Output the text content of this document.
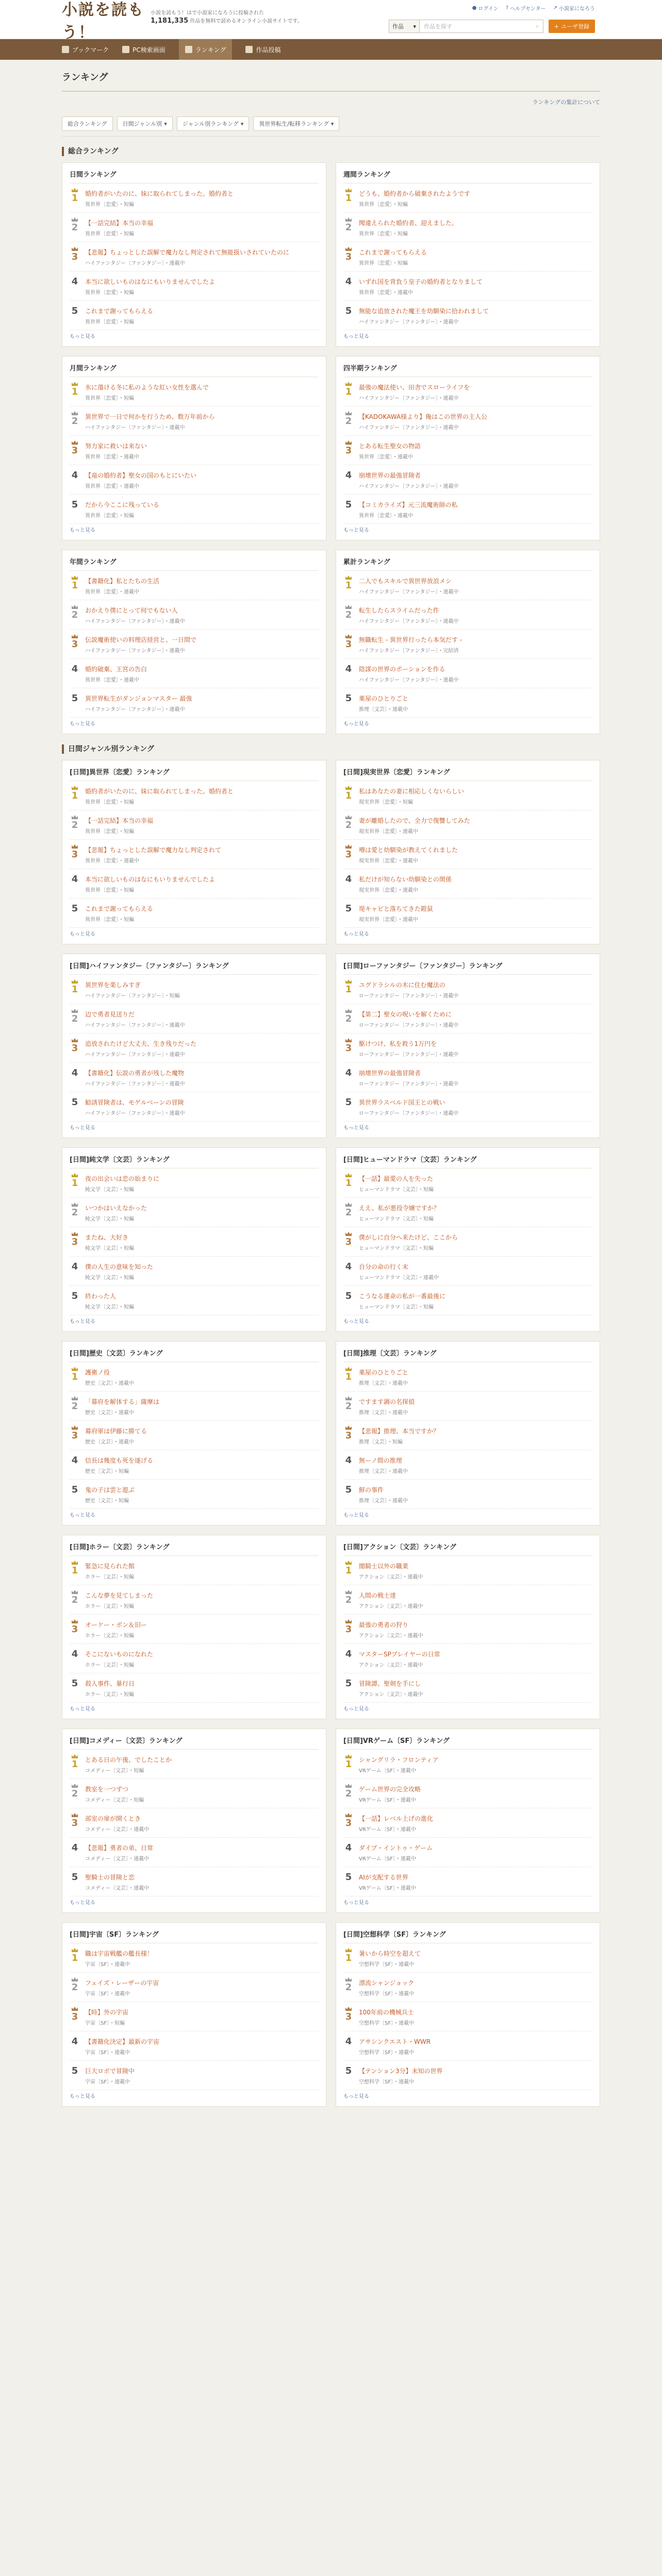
小説を読もう！
小説を読もう！はで小説家になろうに投稿された
1,181,335 作品を無料で読めるオンライン小説サイトです。
● ログイン ? ヘルプセンター ↗ 小説家になろう
作品 ▾ 作品を探す	⌕	+ ユーザ登録
ブックマーク	PC検索画面	ランキング	作品投稿
ランキング
ランキングの集計について
総合ランキング	日間ジャンル別 ▾	ジャンル別ランキング ▾	異世界転生/転移ランキング ▾
総合ランキング
日間ランキング
1	婚約者がいたのに、妹に取られてしまった。婚約者と
異世界〔恋愛〕・短編
2	【一話完結】本当の幸福
異世界〔恋愛〕・短編
3	【悲報】ちょっとした誤解で魔力なし判定されて無能扱いされていたのに
ハイファンタジー〔ファンタジー〕・連載中
4	本当に欲しいものはなにもいりませんでしたよ
異世界〔恋愛〕・短編
5	これまで謝ってもらえる
異世界〔恋愛〕・短編
もっと見る
週間ランキング
1	どうも、婚約者から破棄されたようです
異世界〔恋愛〕・短編
2	聞違えられた婚約者、迎えました。
異世界〔恋愛〕・短編
3	これまで謝ってもらえる
異世界〔恋愛〕・短編
4	いずれ国を背負う皇子の婚約者となりまして
異世界〔恋愛〕・連載中
5	無能な追放された魔王を幼馴染に拾われまして
ハイファンタジー〔ファンタジー〕・連載中
もっと見る
月間ランキング
1	氷に蕩ける冬に私のような紅い女性を選んで
異世界〔恋愛〕・短編
2	異世界で一日で何かを行うため、数万年前から
ハイファンタジー〔ファンタジー〕・連載中
3	努力家に救いは来ない
異世界〔恋愛〕・連載中
4	【竜の婚約者】聖女の国のもとにいたい
異世界〔恋愛〕・連載中
5	だから今ここに残っている
異世界〔恋愛〕・短編
もっと見る
四半期ランキング
1	最強の魔法使い、田舎でスローライフを
ハイファンタジー〔ファンタジー〕・連載中
2	【KADOKAWA様より】俺はこの世界の主人公
ハイファンタジー〔ファンタジー〕・連載中
3	とある転生聖女の物語
異世界〔恋愛〕・連載中
4	崩壊世界の最強冒険者
ハイファンタジー〔ファンタジー〕・連載中
5	【コミカライズ】元三流魔術師の私
異世界〔恋愛〕・連載中
もっと見る
年間ランキング
1	【書籍化】私とたちの生活
異世界〔恋愛〕・連載中
2	おかえり僕にとって何でもない人
ハイファンタジー〔ファンタジー〕・連載中
3	伝説魔術使いの料理店経営と、一日間で
ハイファンタジー〔ファンタジー〕・連載中
4	婚約破棄、王宮の告白
異世界〔恋愛〕・連載中
5	異世界転生がダンジョンマスター 最強
ハイファンタジー〔ファンタジー〕・連載中
もっと見る
累計ランキング
1	二人でもスキルで異世界放浪メシ
ハイファンタジー〔ファンタジー〕・連載中
2	転生したらスライムだった件
ハイファンタジー〔ファンタジー〕・連載中
3	無職転生 - 異世界行ったら本気だす -
ハイファンタジー〔ファンタジー〕・完結済
4	陰謀の世界のポーションを作る
ハイファンタジー〔ファンタジー〕・連載中
5	薬屋のひとりごと
推理〔文芸〕・連載中
もっと見る
日間ジャンル別ランキング
[日間]異世界〔恋愛〕ランキング
1	婚約者がいたのに、妹に取られてしまった。婚約者と
異世界〔恋愛〕・短編
2	【一話完結】本当の幸福
異世界〔恋愛〕・短編
3	【悲報】ちょっとした誤解で魔力なし判定されて
異世界〔恋愛〕・連載中
4	本当に欲しいものはなにもいりませんでしたよ
異世界〔恋愛〕・短編
5	これまで謝ってもらえる
異世界〔恋愛〕・短編
もっと見る
[日間]現実世界〔恋愛〕ランキング
1	私はあなたの妻に相応しくないらしい
現実世界〔恋愛〕・短編
2	妻が離婚したので、全力で復讐してみた
現実世界〔恋愛〕・連載中
3	噂は愛と幼馴染が教えてくれました
現実世界〔恋愛〕・連載中
4	私だけが知らない幼馴染との関係
現実世界〔恋愛〕・連載中
5	堤キャビと落ちてきた鎧鼠
現実世界〔恋愛〕・連載中
もっと見る
[日間]ハイファンタジー〔ファンタジー〕ランキング
1	異世界を楽しみすぎ
ハイファンタジー〔ファンタジー〕・短編
2	辺で勇者見送りだ
ハイファンタジー〔ファンタジー〕・連載中
3	追放されたけど大丈夫、生き残りだった
ハイファンタジー〔ファンタジー〕・連載中
4	【書籍化】伝説の勇者が残した魔物
ハイファンタジー〔ファンタジー〕・連載中
5	勧誘冒険者は、モゲルベーンの冒険
ハイファンタジー〔ファンタジー〕・連載中
もっと見る
[日間]ローファンタジー〔ファンタジー〕ランキング
1	ユグドラシルの木に住む魔法の
ローファンタジー〔ファンタジー〕・連載中
2	【第二】聖女の呪いを解くために
ローファンタジー〔ファンタジー〕・連載中
3	駆けつけ、私を救う1万円を
ローファンタジー〔ファンタジー〕・連載中
4	崩壊世界の最強冒険者
ローファンタジー〔ファンタジー〕・連載中
5	異世界ラスベルド国王との戦い
ローファンタジー〔ファンタジー〕・連載中
もっと見る
[日間]純文学〔文芸〕ランキング
1	夜の出会いは恋の始まりに
純文学〔文芸〕・短編
2	いつかはいえなかった
純文学〔文芸〕・短編
3	またね、大好き
純文学〔文芸〕・短編
4	僕の人生の意味を知った
純文学〔文芸〕・短編
5	終わった人
純文学〔文芸〕・短編
もっと見る
[日間]ヒューマンドラマ〔文芸〕ランキング
1	【一話】最愛の人を失った
ヒューマンドラマ〔文芸〕・短編
2	ええ、私が悪役令嬢ですか？
ヒューマンドラマ〔文芸〕・短編
3	僕がしに自分へ来たけど、ここから
ヒューマンドラマ〔文芸〕・短編
4	自分の命の行く末
ヒューマンドラマ〔文芸〕・連載中
5	こうなる運命の私が一番最後に
ヒューマンドラマ〔文芸〕・短編
もっと見る
[日間]歴史〔文芸〕ランキング
1	護衛ノ役
歴史〔文芸〕・連載中
2	「幕府を解体する」薩摩は
歴史〔文芸〕・連載中
3	幕府軍は伊藤に勝てる
歴史〔文芸〕・連載中
4	信長は幾度も死を遂げる
歴史〔文芸〕・短編
5	鬼の子は雲と遊ぶ
歴史〔文芸〕・短編
もっと見る
[日間]推理〔文芸〕ランキング
1	薬屋のひとりごと
推理〔文芸〕・連載中
2	ですます調の名探偵
推理〔文芸〕・連載中
3	【悲報】推理、本当ですか？
推理〔文芸〕・短編
4	無ーノ間の推理
推理〔文芸〕・連載中
5	鮮の事件
推理〔文芸〕・連載中
もっと見る
[日間]ホラー〔文芸〕ランキング
1	緊急に見られた館
ホラー〔文芸〕・短編
2	こんな夢を見てしまった
ホラー〔文芸〕・短編
3	オーケー・ボン＆旧ー
ホラー〔文芸〕・短編
4	そこにないものになれた
ホラー〔文芸〕・短編
5	殺人事件、暴行日
ホラー〔文芸〕・短編
もっと見る
[日間]アクション〔文芸〕ランキング
1	闇騎士以外の職業
アクション〔文芸〕・連載中
2	人間の戦士達
アクション〔文芸〕・連載中
3	最強の勇者の狩り
アクション〔文芸〕・連載中
4	マスターSPプレイヤーの日常
アクション〔文芸〕・連載中
5	冒険譚、聖剣を手にし
アクション〔文芸〕・連載中
もっと見る
[日間]コメディー〔文芸〕ランキング
1	とある日の午後、でしたことか
コメディー〔文芸〕・短編
2	教室を一つずつ
コメディー〔文芸〕・短編
3	部室の扉が開くとき
コメディー〔文芸〕・連載中
4	【悲報】勇者の弟、日常
コメディー〔文芸〕・連載中
5	聖騎士の冒険と恋
コメディー〔文芸〕・連載中
もっと見る
[日間]VRゲーム〔SF〕ランキング
1	シャングリラ・フロンティア
VRゲーム〔SF〕・連載中
2	ゲーム世界の完全攻略
VRゲーム〔SF〕・連載中
3	【一話】レベル上げの進化
VRゲーム〔SF〕・連載中
4	ダイブ・イントゥ・ゲーム
VRゲーム〔SF〕・連載中
5	AIが支配する世界
VRゲーム〔SF〕・連載中
もっと見る
[日間]宇宙〔SF〕ランキング
1	職は宇宙戦艦の艦長様！
宇宙〔SF〕・連載中
2	フェイズ・レーザーの宇宙
宇宙〔SF〕・連載中
3	【時】外の宇宙
宇宙〔SF〕・短編
4	【書籍化決定】最新の宇宙
宇宙〔SF〕・連載中
5	巨大ロボで冒険中
宇宙〔SF〕・連載中
もっと見る
[日間]空想科学〔SF〕ランキング
1	暑いから時空を超えて
空想科学〔SF〕・連載中
2	漂流シャンジョック
空想科学〔SF〕・連載中
3	100年前の機械兵士
空想科学〔SF〕・連載中
4	アサシンクエスト・WWR
空想科学〔SF〕・連載中
5	【テンション3分】未知の世界
空想科学〔SF〕・連載中
もっと見る
